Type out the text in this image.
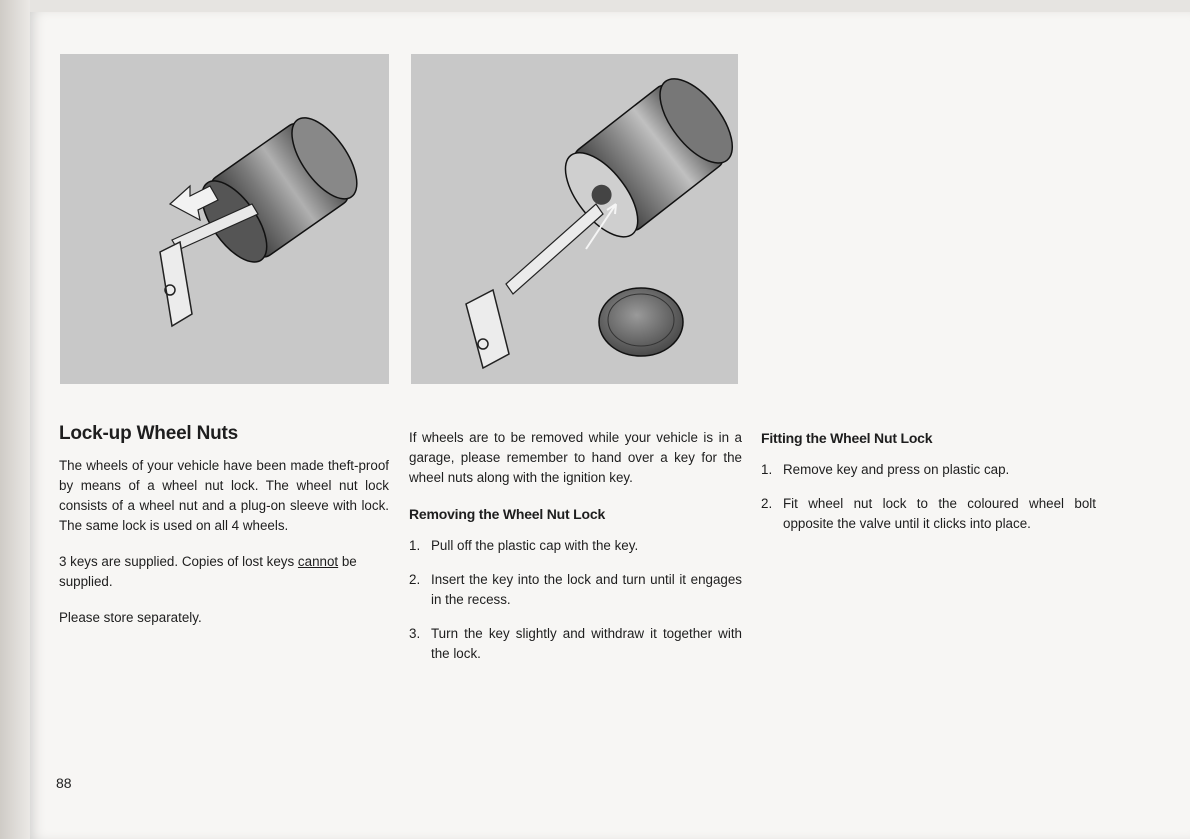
Lock-up Wheel Nuts

The wheels of your vehicle have been made theft-proof by means of a wheel nut lock. The wheel nut lock consists of a wheel nut and a plug-on sleeve with lock. The same lock is used on all 4 wheels.

3 keys are supplied. Copies of lost keys cannot be supplied.

Please store separately.

If wheels are to be removed while your vehicle is in a garage, please remember to hand over a key for the wheel nuts along with the ignition key.

Removing the Wheel Nut Lock
1. Pull off the plastic cap with the key.
2. Insert the key into the lock and turn until it engages in the recess.
3. Turn the key slightly and withdraw it together with the lock.
Fitting the Wheel Nut Lock
1. Remove key and press on plastic cap.
2. Fit wheel nut lock to the coloured wheel bolt opposite the valve until it clicks into place.
88
